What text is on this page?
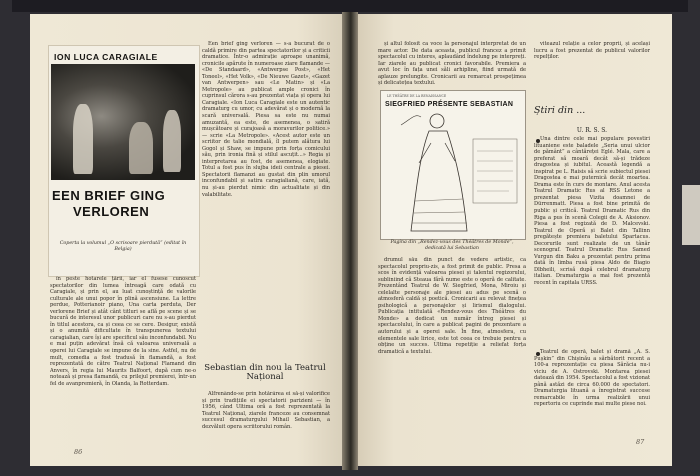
ION LUCA CARAGIALE
EEN BRIEF GING
VERLOREN
Coperta la volumul „O scrisoare pierdută” (editat în Belgia)

în peste hotarele țării, iar el fusese cunoscut spectatorilor din lumea întreagă care odată cu Caragiale, și prin el, au luat cunoștință de valorile culturale ale unui popor în plină ascensiune. La lettre perdue, Potterianoir piano, Una carta perduta, Der verlorene Brief și atât cânt titluri se află pe scene și se bucură de interesul unor publicuri care nu s-au pierdut în titlul acestora, ca și ceea ce se cere. Desigur, există și o anumită dificultate în transpunerea textului caragialian, care își are specificul său inconfundabil. Nu e mai puțin adevărat însă că valoarea universală a operei lui Caragiale se impune de la sine. Astfel, nu de mult, comedia a fost tradusă în flamandă, a fost reprezentată de către Teatrul Național Flamand din Anvers, în regia lui Maurits Balfoort, după cum ne-o notează și presa flamandă, cu prilejul premierei, într-un fel de avanpremieră, în Olanda, la Rotterdam.

Een brief ging verloren — s-a bucurat de o caldă primire din partea spectatorilor și a criticii dramatice. Într-o admirație aproape unanimă, cronicile apărute în numeroase ziare flamande — «De Standaard», «Antwerpse Post», «Het Toneel», «Het Volk», «De Nieuwe Gazet», «Gazet van Antwerpen» sau «Le Matin» și «La Metropole» au publicat ample cronici în cuprinsul cărora s-au prezentat viața și opera lui Caragiale. «Ion Luca Caragiale este un autentic dramaturg cu umor, cu adevărat și o modernă la scară universală. Piesa sa este nu numai amuzantă, ea este, de asemenea, o satiră mușcătoare și curajoasă a moravurilor politice.» — scrie «La Metropole». «Acest autor este un scriitor de talie mondială, îl putem alătura lui Gogol și Shaw, se impune prin forța comicului său, prin ironia fină și stilul ascuțit...» Regia și interpretarea au fost, de asemenea, elogiate. Totul a fost pus în slujba ideii centrale a piesei. Spectatorii flamanzi au gustat din plin umorul inconfundabil și satira caragialiană, care, iată, nu și-au pierdut nimic din actualitate și din valabilitate.

Sebastian din nou la Teatrul Național

Alfrenândo-se prin hotărârea ei să-și valorifice și prin tradițiile ei spectatorii parizieni — în 1956, când Ultima oră a fost reprezentată la Teatrul Național, ziarele franceze au consemnat succesul dramaturgului Mihail Sebastian, a dezvăluit opera scriitorului român.

86

și altul folosit ca voce la personajul interpretat de un mare actor. De data aceasta, publicul francez a primit spectacolul cu interes, aplaudând îndelung pe interpreți. Iar ziarele au publicat cronici favorabile. Premiera a avut loc în fața unei săli arhipline, fiind urmată de aplauze prelungite. Cronicarii au remarcat prospețimea și delicatețea textului.

LE THÉÂTRE DE LA RENAISSANCE
SIEGFRIED PRÉSENTE SEBASTIAN
Pagina din „Rendez-vous des Théâtres de Monde”, dedicată lui Sebastian

drumul său din punct de vedere artistic, ca spectacolul propriu-zis, a fost primit de public. Presa a scos în evidență valoarea piesei și talentul regizorului, subliniind că Steaua fără nume este o operă de calitate. Prezentând Teatrul de W. Siegfried, Mona, Miroiu și celelalte personaje ale piesei au adus pe scenă o atmosferă caldă și poetică. Cronicarii au relevat finețea psihologică a personajelor și lirismul dialogului. Publicația intitulată «Rendez-vous des Théâtres du Monde» a dedicat un număr întreg piesei și spectacolului, în care a publicat pagini de prezentare a autorului și a operei sale. În fine, atmosfera, cu elementele sale lirice, este tot ceea ce trebuie pentru a obține un succes. Ultima repetiție a reliefat forța dramatică a textului.

viteazul relație a celor proprii, și același lucru a fost prezentat de publicul valorilor repelților.

Știri din ...
U. R. S. S.

Una dintre cele mai populare povestiri lituaniene este baladele „Seria unui ulcior de pământ” a cântăreței Eglé. Mala, care a preferat să moară decât să-și trădeze dragostea și iubitul. Această legendă a inspirat pe L. Raisis să scrie subiectul piesei Dragostea e mai puternică decât moartea. Drama este în curs de montare. Anul acesta Teatrul Dramatic Rus al RSS Letone a prezentat piesa Vizita doamnei de Dürrenmatt. Piesa a fost bine primită de public și critică. Teatrul Dramatic Rus din Riga a pus în scenă Colegii de A. Aksionov. Piesa a fost regizată de D. Malcevski. Teatrul de Operă și Balet din Tallinn pregătește premiera baletului Spartacus. Decorurile sunt realizate de un tânăr scenograf. Teatrul Dramatic Rus Samed Vurgun din Baku a prezentat pentru prima dată în limba rusă piesa Aldo de Biagio Dlbheili, scrisă după celebrul dramaturg italian. Dramaturgia a mai fost prezentă recent în capitala URSS.

Teatrul de operă, balet și dramă „A. S. Pușkin” din Chișinău a sărbătorit recent a 100-a reprezentație cu piesa Sărăcia nu-i viciu de A. Ostrovski. Montarea piesei datează din 1954. Spectacolul a fost vizionat până astăzi de circa 60.000 de spectatori. Dramaturgia lituană a înregistrat succese remarcabile în urma realizării unui repertoriu ce cuprinde mai multe piese noi.

87
